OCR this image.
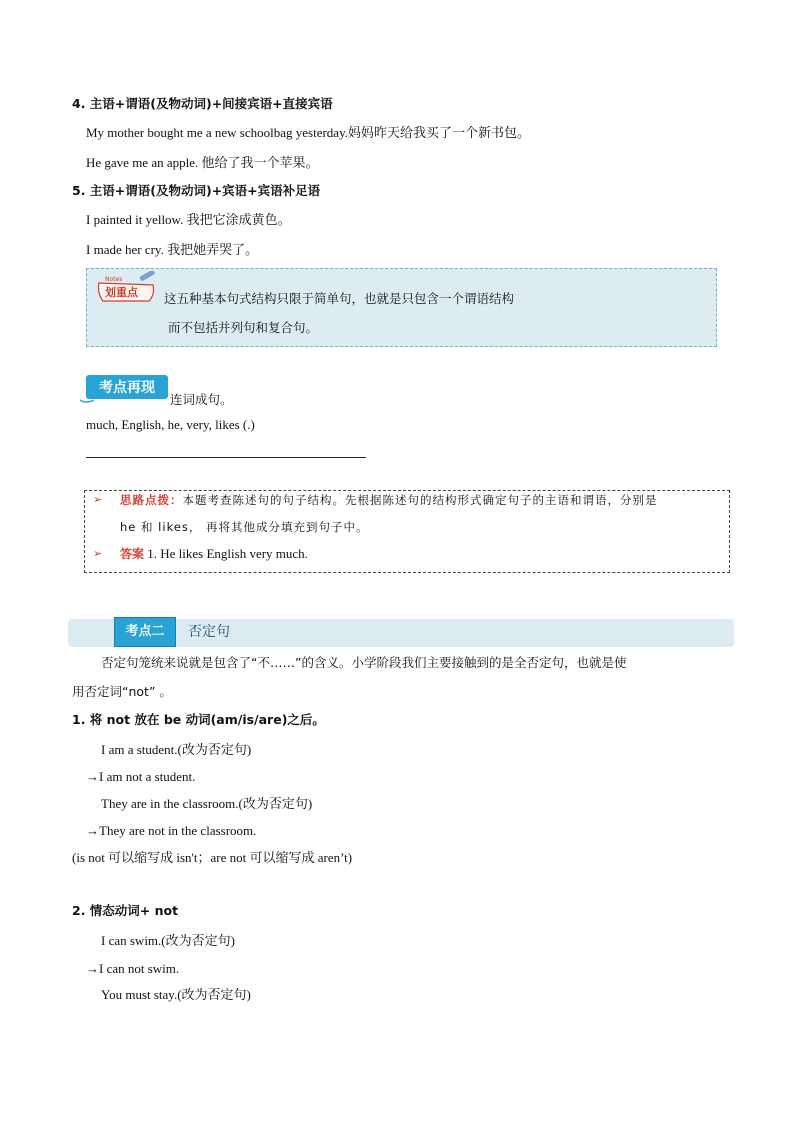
4. 主语+谓语(及物动词)+间接宾语+直接宾语
My mother bought me a new schoolbag yesterday.妈妈昨天给我买了一个新书包。
He gave me an apple. 他给了我一个苹果。
5. 主语+谓语(及物动词)+宾语+宾语补足语
I painted it yellow. 我把它涂成黄色。
I made her cry. 我把她弄哭了。
Notes
划重点 这五种基本句式结构只限于简单句，也就是只包含一个谓语结构
而不包括并列句和复合句。
考点再现
连词成句。
much, English, he, very, likes (.)
➢ 思路点拨：本题考查陈述句的句子结构。先根据陈述句的结构形式确定句子的主语和谓语，分别是
he 和 likes， 再将其他成分填充到句子中。
➢ 答案 1. He likes English very much.
考点二	否定句
否定句笼统来说就是包含了“不……”的含义。小学阶段我们主要接触到的是全否定句，也就是使
用否定词“not” 。
1. 将 not 放在 be 动词(am/is/are)之后。
I am a student.(改为否定句)
→I am not a student.
They are in the classroom.(改为否定句)
→They are not in the classroom.
(is not 可以缩写成 isn't；are not 可以缩写成 aren’t)
2. 情态动词+ not
I can swim.(改为否定句)
→I can not swim.
You must stay.(改为否定句)
